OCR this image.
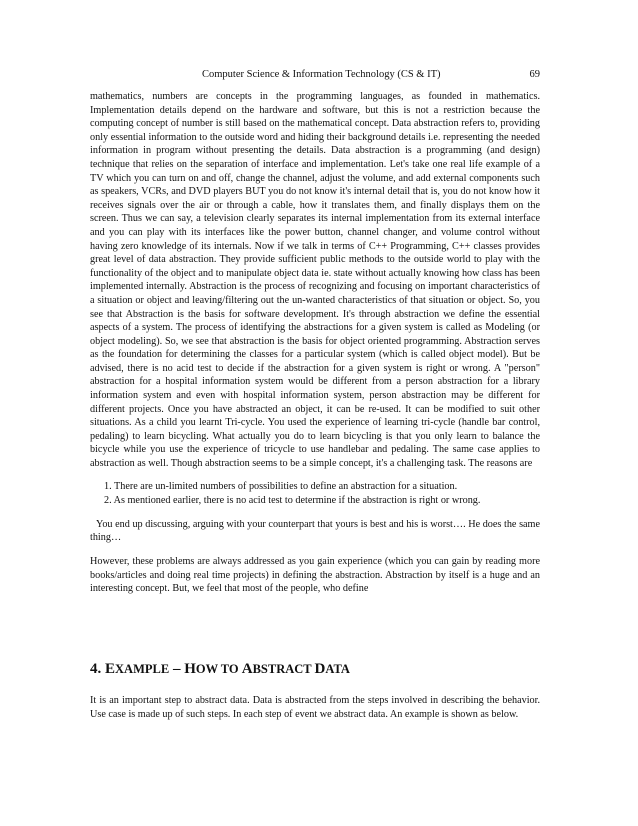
Computer Science & Information Technology (CS & IT)	69

mathematics, numbers are concepts in the programming languages, as founded in mathematics. Implementation details depend on the hardware and software, but this is not a restriction because the computing concept of number is still based on the mathematical concept. Data abstraction refers to, providing only essential information to the outside word and hiding their background details i.e. representing the needed information in program without presenting the details. Data abstraction is a programming (and design) technique that relies on the separation of interface and implementation. Let's take one real life example of a TV which you can turn on and off, change the channel, adjust the volume, and add external components such as speakers, VCRs, and DVD players BUT you do not know it's internal detail that is, you do not know how it receives signals over the air or through a cable, how it translates them, and finally displays them on the screen. Thus we can say, a television clearly separates its internal implementation from its external interface and you can play with its interfaces like the power button, channel changer, and volume control without having zero knowledge of its internals. Now if we talk in terms of C++ Programming, C++ classes provides great level of data abstraction. They provide sufficient public methods to the outside world to play with the functionality of the object and to manipulate object data ie. state without actually knowing how class has been implemented internally. Abstraction is the process of recognizing and focusing on important characteristics of a situation or object and leaving/filtering out the un-wanted characteristics of that situation or object. So, you see that Abstraction is the basis for software development. It's through abstraction we define the essential aspects of a system. The process of identifying the abstractions for a given system is called as Modeling (or object modeling). So, we see that abstraction is the basis for object oriented programming. Abstraction serves as the foundation for determining the classes for a particular system (which is called object model). But be advised, there is no acid test to decide if the abstraction for a given system is right or wrong. A "person" abstraction for a hospital information system would be different from a person abstraction for a library information system and even with hospital information system, person abstraction may be different for different projects. Once you have abstracted an object, it can be re-used. It can be modified to suit other situations. As a child you learnt Tri-cycle. You used the experience of learning tri-cycle (handle bar control, pedaling) to learn bicycling. What actually you do to learn bicycling is that you only learn to balance the bicycle while you use the experience of tricycle to use handlebar and pedaling. The same case applies to abstraction as well. Though abstraction seems to be a simple concept, it's a challenging task. The reasons are

1. There are un-limited numbers of possibilities to define an abstraction for a situation.
2. As mentioned earlier, there is no acid test to determine if the abstraction is right or wrong.

You end up discussing, arguing with your counterpart that yours is best and his is worst…. He does the same thing…

However, these problems are always addressed as you gain experience (which you can gain by reading more books/articles and doing real time projects) in defining the abstraction. Abstraction by itself is a huge and an interesting concept. But, we feel that most of the people, who define

4. EXAMPLE – HOW TO ABSTRACT DATA

It is an important step to abstract data. Data is abstracted from the steps involved in describing the behavior. Use case is made up of such steps. In each step of event we abstract data. An example is shown as below.
